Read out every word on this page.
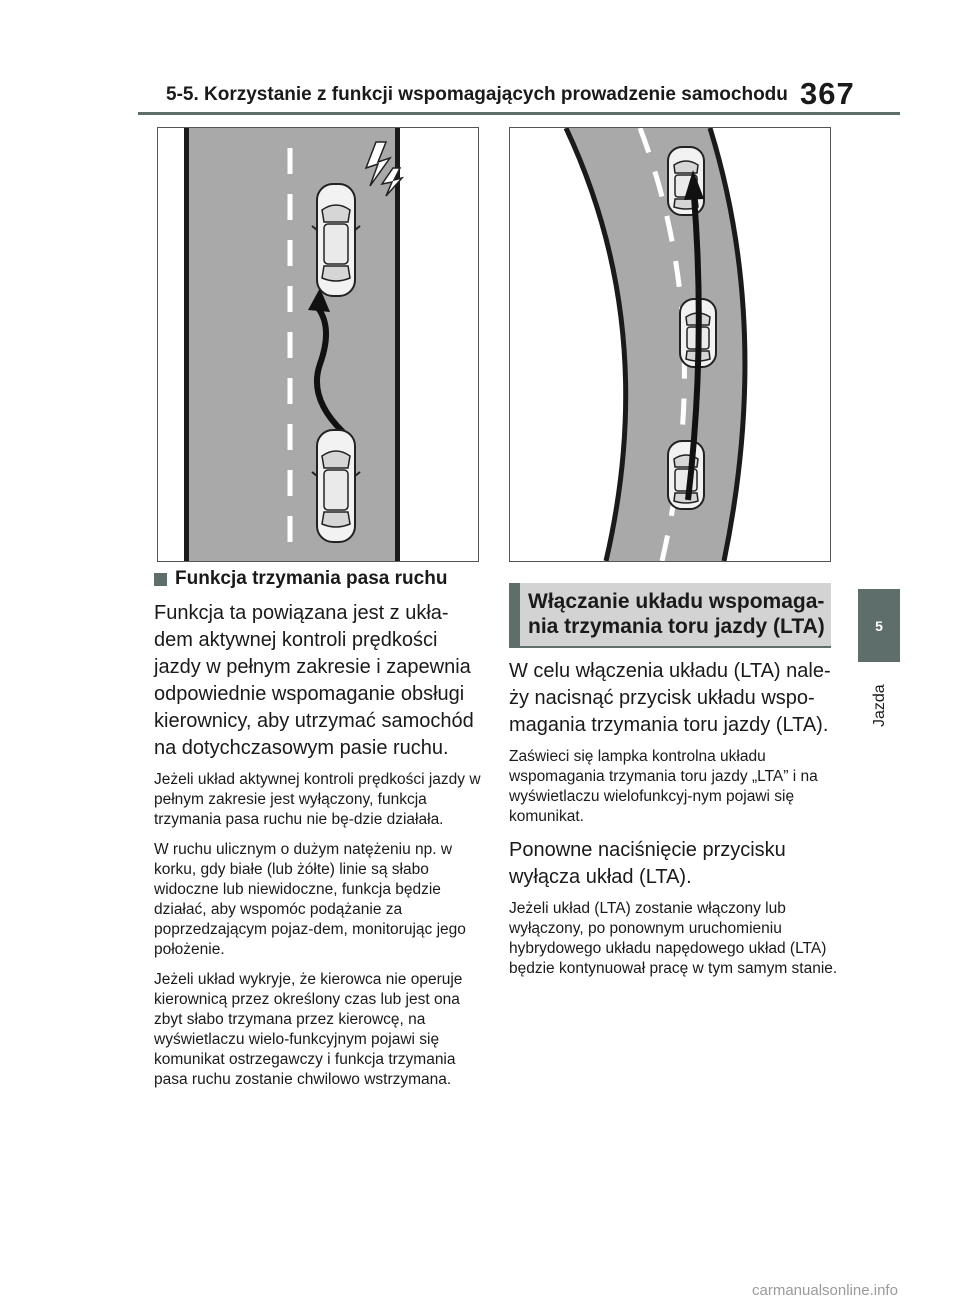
5-5. Korzystanie z funkcji wspomagających prowadzenie samochodu 367
Funkcja trzymania pasa ruchu

Funkcja ta powiązana jest z ukła-dem aktywnej kontroli prędkości jazdy w pełnym zakresie i zapewnia odpowiednie wspomaganie obsługi kierownicy, aby utrzymać samochód na dotychczasowym pasie ruchu.

Jeżeli układ aktywnej kontroli prędkości jazdy w pełnym zakresie jest wyłączony, funkcja trzymania pasa ruchu nie bę-dzie działała.

W ruchu ulicznym o dużym natężeniu np. w korku, gdy białe (lub żółte) linie są słabo widoczne lub niewidoczne, funkcja będzie działać, aby wspomóc podążanie za poprzedzającym pojaz-dem, monitorując jego położenie.

Jeżeli układ wykryje, że kierowca nie operuje kierownicą przez określony czas lub jest ona zbyt słabo trzymana przez kierowcę, na wyświetlaczu wielo-funkcyjnym pojawi się komunikat ostrzegawczy i funkcja trzymania pasa ruchu zostanie chwilowo wstrzymana.

Włączanie układu wspomaga-nia trzymania toru jazdy (LTA)

W celu włączenia układu (LTA) nale-ży nacisnąć przycisk układu wspo-magania trzymania toru jazdy (LTA).

Zaświeci się lampka kontrolna układu wspomagania trzymania toru jazdy „LTA” i na wyświetlaczu wielofunkcyj-nym pojawi się komunikat.

Ponowne naciśnięcie przycisku wyłącza układ (LTA).

Jeżeli układ (LTA) zostanie włączony lub wyłączony, po ponownym uruchomieniu hybrydowego układu napędowego układ (LTA) będzie kontynuował pracę w tym samym stanie.

5
Jazda
carmanualsonline.info
